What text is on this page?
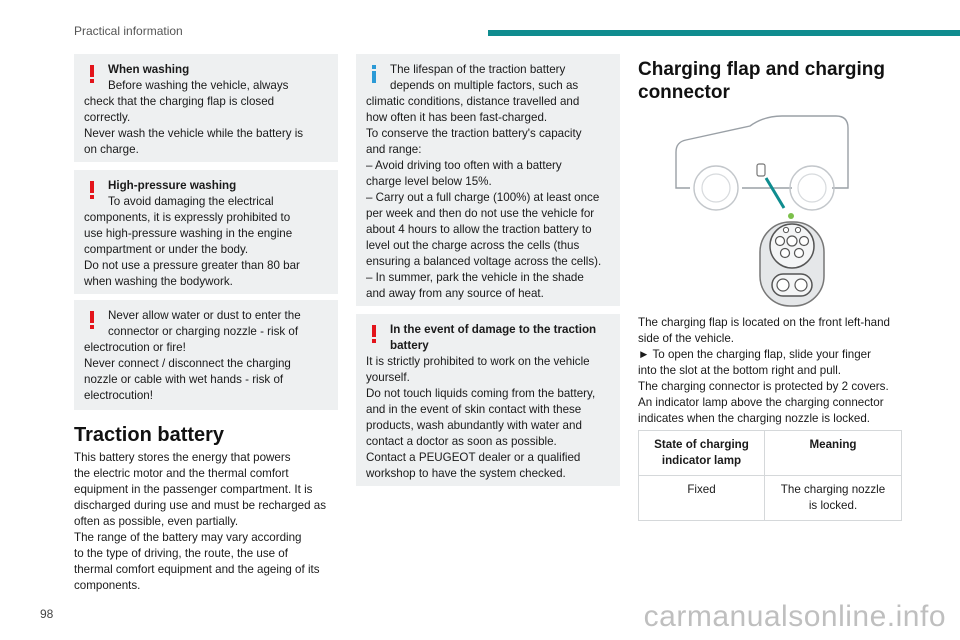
Practical information
When washing
Before washing the vehicle, always
check that the charging flap is closed
correctly.
Never wash the vehicle while the battery is
on charge.
High-pressure washing
To avoid damaging the electrical
components, it is expressly prohibited to
use high-pressure washing in the engine
compartment or under the body.
Do not use a pressure greater than 80 bar
when washing the bodywork.
Never allow water or dust to enter the
connector or charging nozzle - risk of
electrocution or fire!
Never connect / disconnect the charging
nozzle or cable with wet hands - risk of
electrocution!
Traction battery
This battery stores the energy that powers
the electric motor and the thermal comfort
equipment in the passenger compartment. It is
discharged during use and must be recharged as
often as possible, even partially.
The range of the battery may vary according
to the type of driving, the route, the use of
thermal comfort equipment and the ageing of its
components.
The lifespan of the traction battery
depends on multiple factors, such as
climatic conditions, distance travelled and
how often it has been fast-charged.
To conserve the traction battery's capacity
and range:
– Avoid driving too often with a battery
charge level below 15%.
– Carry out a full charge (100%) at least once
per week and then do not use the vehicle for
about 4 hours to allow the traction battery to
level out the charge across the cells (thus
ensuring a balanced voltage across the cells).
– In summer, park the vehicle in the shade
and away from any source of heat.
In the event of damage to the traction
battery
It is strictly prohibited to work on the vehicle
yourself.
Do not touch liquids coming from the battery,
and in the event of skin contact with these
products, wash abundantly with water and
contact a doctor as soon as possible.
Contact a PEUGEOT dealer or a qualified
workshop to have the system checked.
Charging flap and charging
connector
The charging flap is located on the front left-hand
side of the vehicle.
► To open the charging flap, slide your finger
into the slot at the bottom right and pull.
The charging connector is protected by 2 covers.
An indicator lamp above the charging connector
indicates when the charging nozzle is locked.
State of charging
indicator lamp	Meaning
Fixed	The charging nozzle
is locked.
98	carmanualsonline.info
